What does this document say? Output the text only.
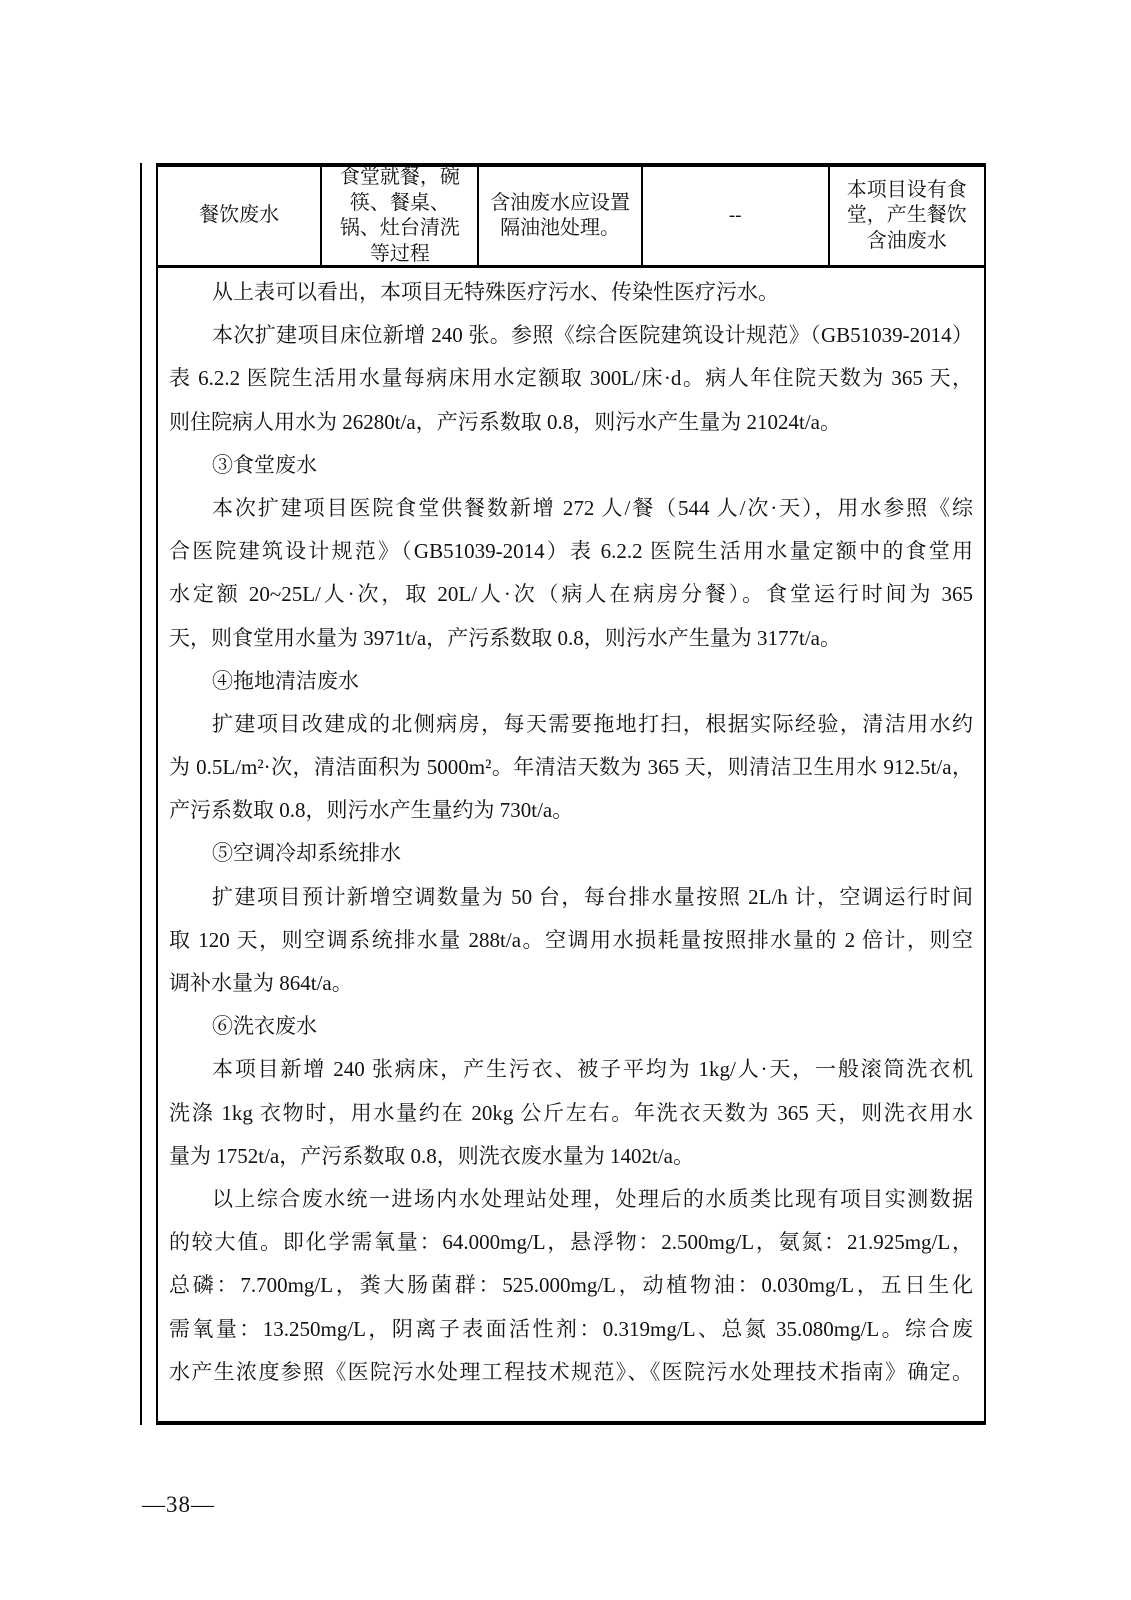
餐饮废水
食堂就餐，碗筷、餐桌、锅、灶台清洗等过程
含油废水应设置隔油池处理。
--
本项目设有食堂，产生餐饮含油废水
从上表可以看出，本项目无特殊医疗污水、传染性医疗污水。
本次扩建项目床位新增 240 张。参照《综合医院建筑设计规范》（GB51039-2014）
表 6.2.2 医院生活用水量每病床用水定额取 300L/床·d。病人年住院天数为 365 天，
则住院病人用水为 26280t/a，产污系数取 0.8，则污水产生量为 21024t/a。
③食堂废水
本次扩建项目医院食堂供餐数新增 272 人/餐（544 人/次·天），用水参照《综
合医院建筑设计规范》（GB51039-2014）表 6.2.2 医院生活用水量定额中的食堂用
水定额 20~25L/人·次，取 20L/人·次（病人在病房分餐）。食堂运行时间为 365
天，则食堂用水量为 3971t/a，产污系数取 0.8，则污水产生量为 3177t/a。
④拖地清洁废水
扩建项目改建成的北侧病房，每天需要拖地打扫，根据实际经验，清洁用水约
为 0.5L/m²·次，清洁面积为 5000m²。年清洁天数为 365 天，则清洁卫生用水 912.5t/a，
产污系数取 0.8，则污水产生量约为 730t/a。
⑤空调冷却系统排水
扩建项目预计新增空调数量为 50 台，每台排水量按照 2L/h 计，空调运行时间
取 120 天，则空调系统排水量 288t/a。空调用水损耗量按照排水量的 2 倍计，则空
调补水量为 864t/a。
⑥洗衣废水
本项目新增 240 张病床，产生污衣、被子平均为 1kg/人·天，一般滚筒洗衣机
洗涤 1kg 衣物时，用水量约在 20kg 公斤左右。年洗衣天数为 365 天，则洗衣用水
量为 1752t/a，产污系数取 0.8，则洗衣废水量为 1402t/a。
以上综合废水统一进场内水处理站处理，处理后的水质类比现有项目实测数据
的较大值。即化学需氧量：64.000mg/L，悬浮物：2.500mg/L，氨氮：21.925mg/L，
总磷：7.700mg/L，粪大肠菌群：525.000mg/L，动植物油：0.030mg/L，五日生化
需氧量：13.250mg/L，阴离子表面活性剂：0.319mg/L、总氮 35.080mg/L。综合废
水产生浓度参照《医院污水处理工程技术规范》、《医院污水处理技术指南》确定。
—38—
